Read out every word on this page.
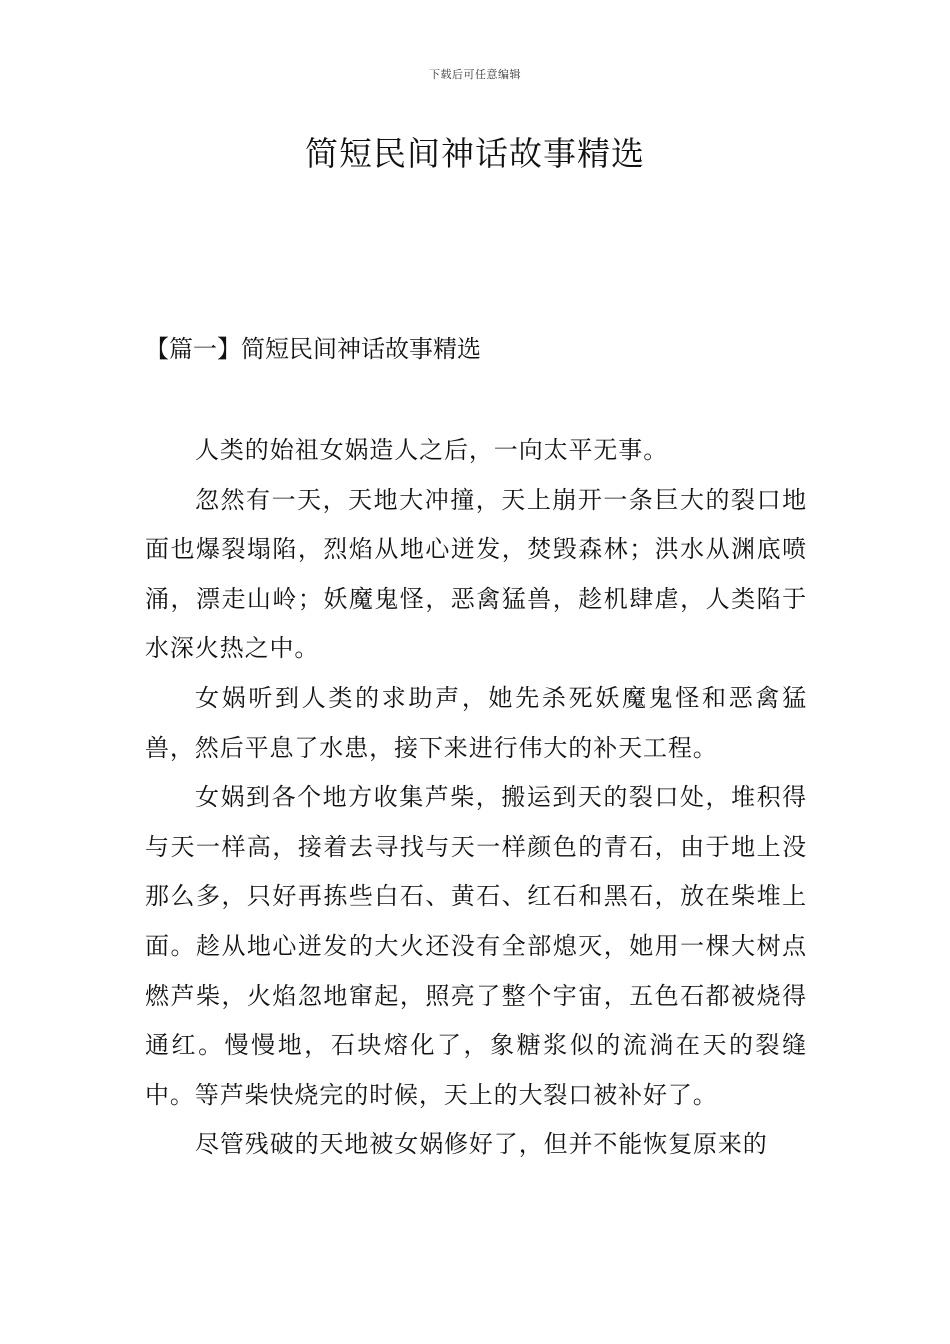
下载后可任意编辑
简短民间神话故事精选
【篇一】简短民间神话故事精选

人类的始祖女娲造人之后，一向太平无事。

忽然有一天，天地大冲撞，天上崩开一条巨大的裂口地面也爆裂塌陷，烈焰从地心迸发，焚毁森林；洪水从渊底喷涌，漂走山岭；妖魔鬼怪，恶禽猛兽，趁机肆虐，人类陷于水深火热之中。

女娲听到人类的求助声，她先杀死妖魔鬼怪和恶禽猛兽，然后平息了水患，接下来进行伟大的补天工程。

女娲到各个地方收集芦柴，搬运到天的裂口处，堆积得与天一样高，接着去寻找与天一样颜色的青石，由于地上没那么多，只好再拣些白石、黄石、红石和黑石，放在柴堆上面。趁从地心迸发的大火还没有全部熄灭，她用一棵大树点燃芦柴，火焰忽地窜起，照亮了整个宇宙，五色石都被烧得通红。慢慢地，石块熔化了，象糖浆似的流淌在天的裂缝中。等芦柴快烧完的时候，天上的大裂口被补好了。

尽管残破的天地被女娲修好了，但并不能恢复原来的
